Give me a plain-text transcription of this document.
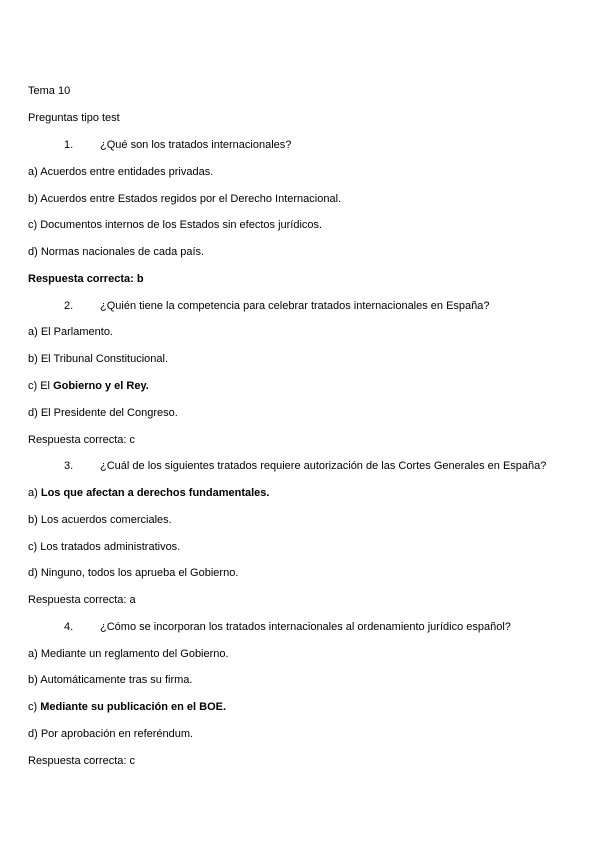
Tema 10
Preguntas tipo test
1. ¿Qué son los tratados internacionales?
a) Acuerdos entre entidades privadas.
b) Acuerdos entre Estados regidos por el Derecho Internacional.
c) Documentos internos de los Estados sin efectos jurídicos.
d) Normas nacionales de cada país.
Respuesta correcta: b
2. ¿Quién tiene la competencia para celebrar tratados internacionales en España?
a) El Parlamento.
b) El Tribunal Constitucional.
c) El Gobierno y el Rey.
d) El Presidente del Congreso.
Respuesta correcta: c
3. ¿Cuál de los siguientes tratados requiere autorización de las Cortes Generales en España?
a) Los que afectan a derechos fundamentales.
b) Los acuerdos comerciales.
c) Los tratados administrativos.
d) Ninguno, todos los aprueba el Gobierno.
Respuesta correcta: a
4. ¿Cómo se incorporan los tratados internacionales al ordenamiento jurídico español?
a) Mediante un reglamento del Gobierno.
b) Automáticamente tras su firma.
c) Mediante su publicación en el BOE.
d) Por aprobación en referéndum.
Respuesta correcta: c
